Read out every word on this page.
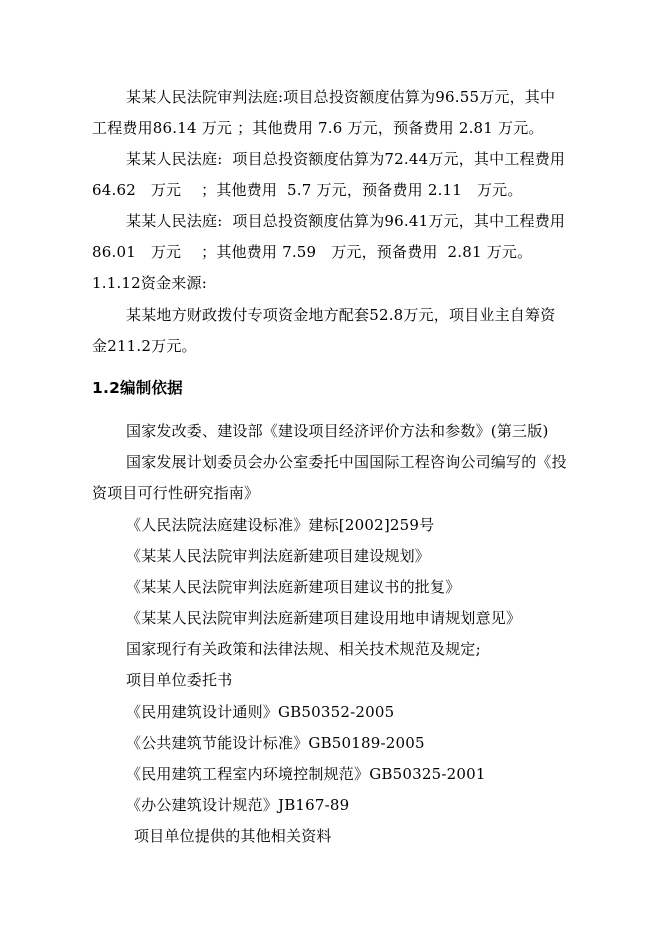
某某人民法院审判法庭:项目总投资额度估算为96.55万元，其中
工程费用86.14 万元 ；其他费用 7.6 万元，预备费用 2.81 万元。
某某人民法庭:  项目总投资额度估算为72.44万元，其中工程费用
64.62   万元    ；其他费用  5.7 万元，预备费用 2.11   万元。
某某人民法庭:  项目总投资额度估算为96.41万元，其中工程费用
86.01   万元    ；其他费用 7.59   万元，预备费用  2.81 万元。
1.1.12资金来源:
某某地方财政拨付专项资金地方配套52.8万元，项目业主自筹资
金211.2万元。
1.2编制依据
国家发改委、建设部《建设项目经济评价方法和参数》(第三版)
国家发展计划委员会办公室委托中国国际工程咨询公司编写的《投
资项目可行性研究指南》
《人民法院法庭建设标准》建标[2002]259号
《某某人民法院审判法庭新建项目建设规划》
《某某人民法院审判法庭新建项目建议书的批复》
《某某人民法院审判法庭新建项目建设用地申请规划意见》
国家现行有关政策和法律法规、相关技术规范及规定;
项目单位委托书
《民用建筑设计通则》GB50352-2005
《公共建筑节能设计标准》GB50189-2005
《民用建筑工程室内环境控制规范》GB50325-2001
《办公建筑设计规范》JB167-89
项目单位提供的其他相关资料
